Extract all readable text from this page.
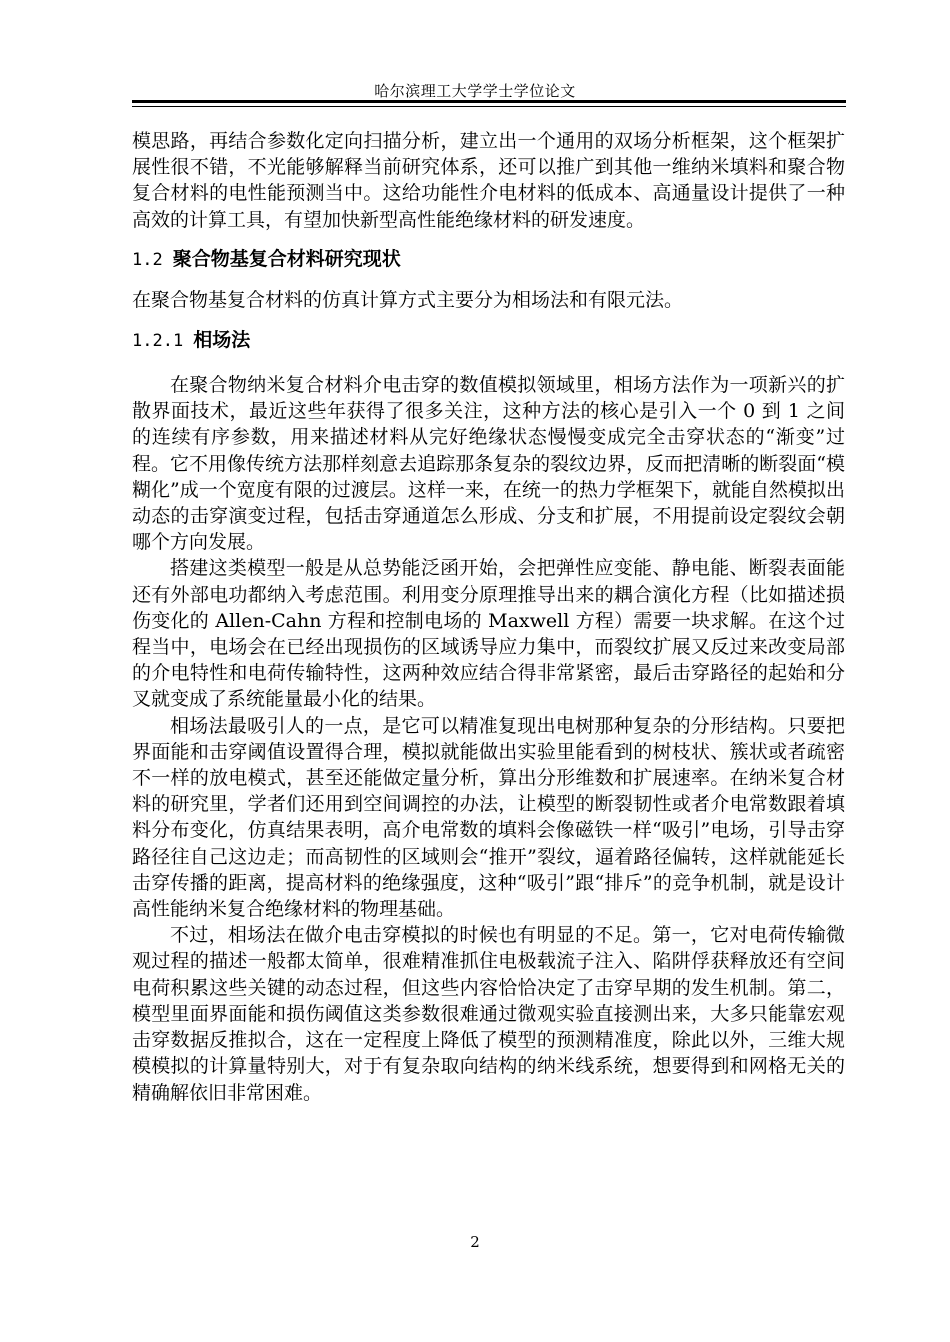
哈尔滨理工大学学士学位论文

模思路，再结合参数化定向扫描分析，建立出一个通用的双场分析框架，这个框架扩展性很不错，不光能够解释当前研究体系，还可以推广到其他一维纳米填料和聚合物复合材料的电性能预测当中。这给功能性介电材料的低成本、高通量设计提供了一种高效的计算工具，有望加快新型高性能绝缘材料的研发速度。

1.2 聚合物基复合材料研究现状

在聚合物基复合材料的仿真计算方式主要分为相场法和有限元法。

1.2.1 相场法

在聚合物纳米复合材料介电击穿的数值模拟领域里，相场方法作为一项新兴的扩散界面技术，最近这些年获得了很多关注，这种方法的核心是引入一个 0 到 1 之间的连续有序参数，用来描述材料从完好绝缘状态慢慢变成完全击穿状态的“渐变”过程。它不用像传统方法那样刻意去追踪那条复杂的裂纹边界，反而把清晰的断裂面“模糊化”成一个宽度有限的过渡层。这样一来，在统一的热力学框架下，就能自然模拟出动态的击穿演变过程，包括击穿通道怎么形成、分支和扩展，不用提前设定裂纹会朝哪个方向发展。

搭建这类模型一般是从总势能泛函开始，会把弹性应变能、静电能、断裂表面能还有外部电功都纳入考虑范围。利用变分原理推导出来的耦合演化方程（比如描述损伤变化的 Allen-Cahn 方程和控制电场的 Maxwell 方程）需要一块求解。在这个过程当中，电场会在已经出现损伤的区域诱导应力集中，而裂纹扩展又反过来改变局部的介电特性和电荷传输特性，这两种效应结合得非常紧密，最后击穿路径的起始和分叉就变成了系统能量最小化的结果。

相场法最吸引人的一点，是它可以精准复现出电树那种复杂的分形结构。只要把界面能和击穿阈值设置得合理，模拟就能做出实验里能看到的树枝状、簇状或者疏密不一样的放电模式，甚至还能做定量分析，算出分形维数和扩展速率。在纳米复合材料的研究里，学者们还用到空间调控的办法，让模型的断裂韧性或者介电常数跟着填料分布变化，仿真结果表明，高介电常数的填料会像磁铁一样“吸引”电场，引导击穿路径往自己这边走；而高韧性的区域则会“推开”裂纹，逼着路径偏转，这样就能延长击穿传播的距离，提高材料的绝缘强度，这种“吸引”跟“排斥”的竞争机制，就是设计高性能纳米复合绝缘材料的物理基础。

不过，相场法在做介电击穿模拟的时候也有明显的不足。第一，它对电荷传输微观过程的描述一般都太简单，很难精准抓住电极载流子注入、陷阱俘获释放还有空间电荷积累这些关键的动态过程，但这些内容恰恰决定了击穿早期的发生机制。第二，模型里面界面能和损伤阈值这类参数很难通过微观实验直接测出来，大多只能靠宏观击穿数据反推拟合，这在一定程度上降低了模型的预测精准度，除此以外，三维大规模模拟的计算量特别大，对于有复杂取向结构的纳米线系统，想要得到和网格无关的精确解依旧非常困难。

2
